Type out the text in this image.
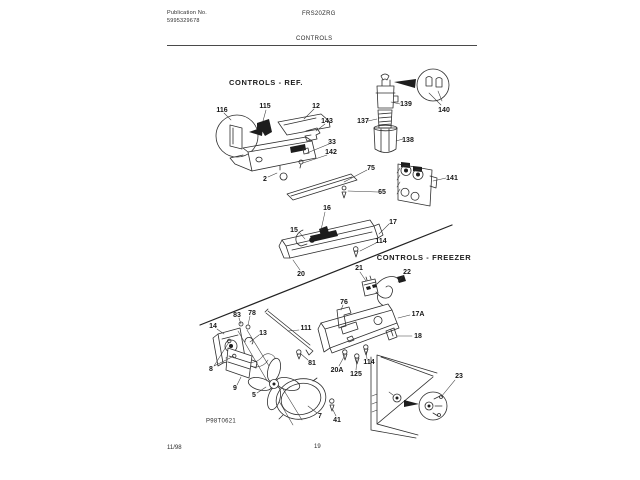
Publication No.
5995329678
FRS20ZRG
CONTROLS
11/98	19
CONTROLS - REF.
CONTROLS - FREEZER
116
115	12
143
139
137
138
140
33
142
2
75
65
141
16
15
17
114
20
21
22
76
17A
18
14
83 78
13
111
81
8
9
5
7
41
20A
125
114
23
P98T0621
